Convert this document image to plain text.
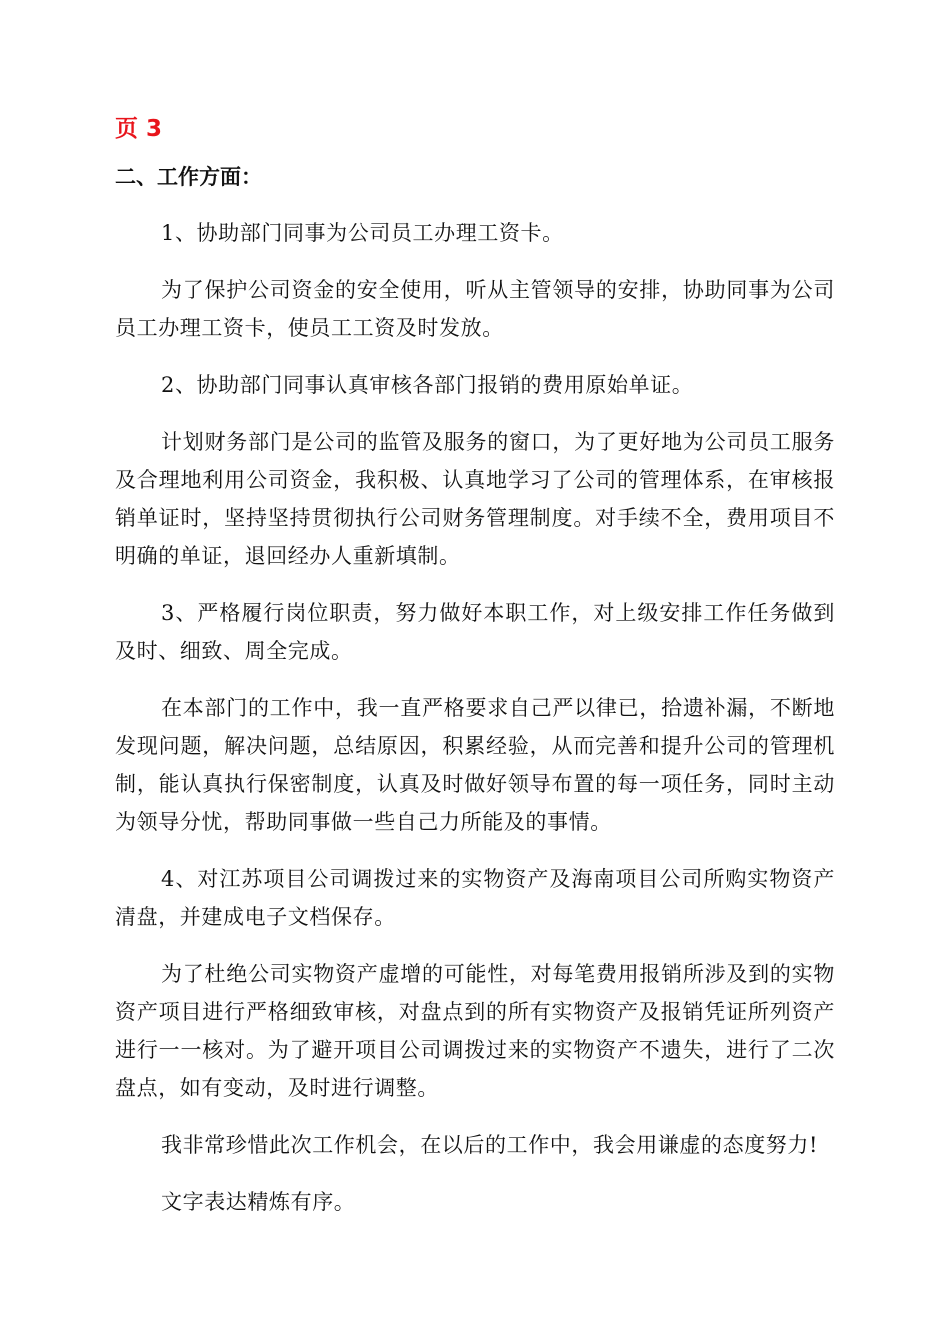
页 3
二、工作方面：

1、协助部门同事为公司员工办理工资卡。

为了保护公司资金的安全使用，听从主管领导的安排，协助同事为公司员工办理工资卡，使员工工资及时发放。

2、协助部门同事认真审核各部门报销的费用原始单证。

计划财务部门是公司的监管及服务的窗口，为了更好地为公司员工服务及合理地利用公司资金，我积极、认真地学习了公司的管理体系，在审核报销单证时，坚持坚持贯彻执行公司财务管理制度。对手续不全，费用项目不明确的单证，退回经办人重新填制。

3、严格履行岗位职责，努力做好本职工作，对上级安排工作任务做到及时、细致、周全完成。

在本部门的工作中，我一直严格要求自己严以律已，拾遗补漏，不断地发现问题，解决问题，总结原因，积累经验，从而完善和提升公司的管理机制，能认真执行保密制度，认真及时做好领导布置的每一项任务，同时主动为领导分忧，帮助同事做一些自己力所能及的事情。

4、对江苏项目公司调拨过来的实物资产及海南项目公司所购实物资产清盘，并建成电子文档保存。

为了杜绝公司实物资产虚增的可能性，对每笔费用报销所涉及到的实物资产项目进行严格细致审核，对盘点到的所有实物资产及报销凭证所列资产进行一一核对。为了避开项目公司调拨过来的实物资产不遗失，进行了二次盘点，如有变动，及时进行调整。

我非常珍惜此次工作机会，在以后的工作中，我会用谦虚的态度努力!

文字表达精炼有序。
